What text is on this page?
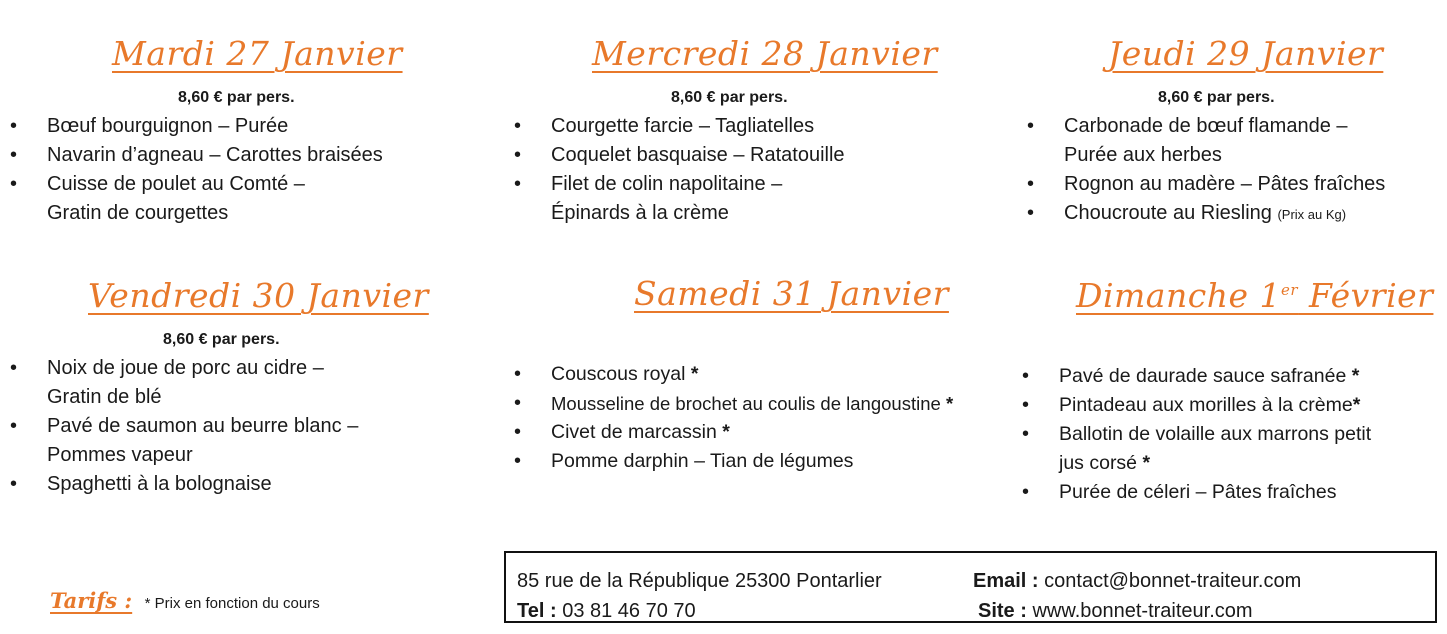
Mardi 27 Janvier
8,60 € par pers.
• Bœuf bourguignon – Purée
• Navarin d’agneau – Carottes braisées
• Cuisse de poulet au Comté –
Gratin de courgettes
Mercredi 28 Janvier
8,60 € par pers.
• Courgette farcie – Tagliatelles
• Coquelet basquaise – Ratatouille
• Filet de colin napolitaine –
Épinards à la crème
Jeudi 29 Janvier
8,60 € par pers.
• Carbonade de bœuf flamande –
Purée aux herbes
• Rognon au madère – Pâtes fraîches
• Choucroute au Riesling (Prix au Kg)
Vendredi 30 Janvier
8,60 € par pers.
• Noix de joue de porc au cidre –
Gratin de blé
• Pavé de saumon au beurre blanc –
Pommes vapeur
• Spaghetti à la bolognaise
Samedi 31 Janvier
• Couscous royal *
• Mousseline de brochet au coulis de langoustine *
• Civet de marcassin *
• Pomme darphin – Tian de légumes
Dimanche 1er Février
• Pavé de daurade sauce safranée *
• Pintadeau aux morilles à la crème*
• Ballotin de volaille aux marrons petit
jus corsé *
• Purée de céleri – Pâtes fraîches
Tarifs : * Prix en fonction du cours
85 rue de la République 25300 Pontarlier
Tel : 03 81 46 70 70
Email : contact@bonnet-traiteur.com
Site : www.bonnet-traiteur.com
